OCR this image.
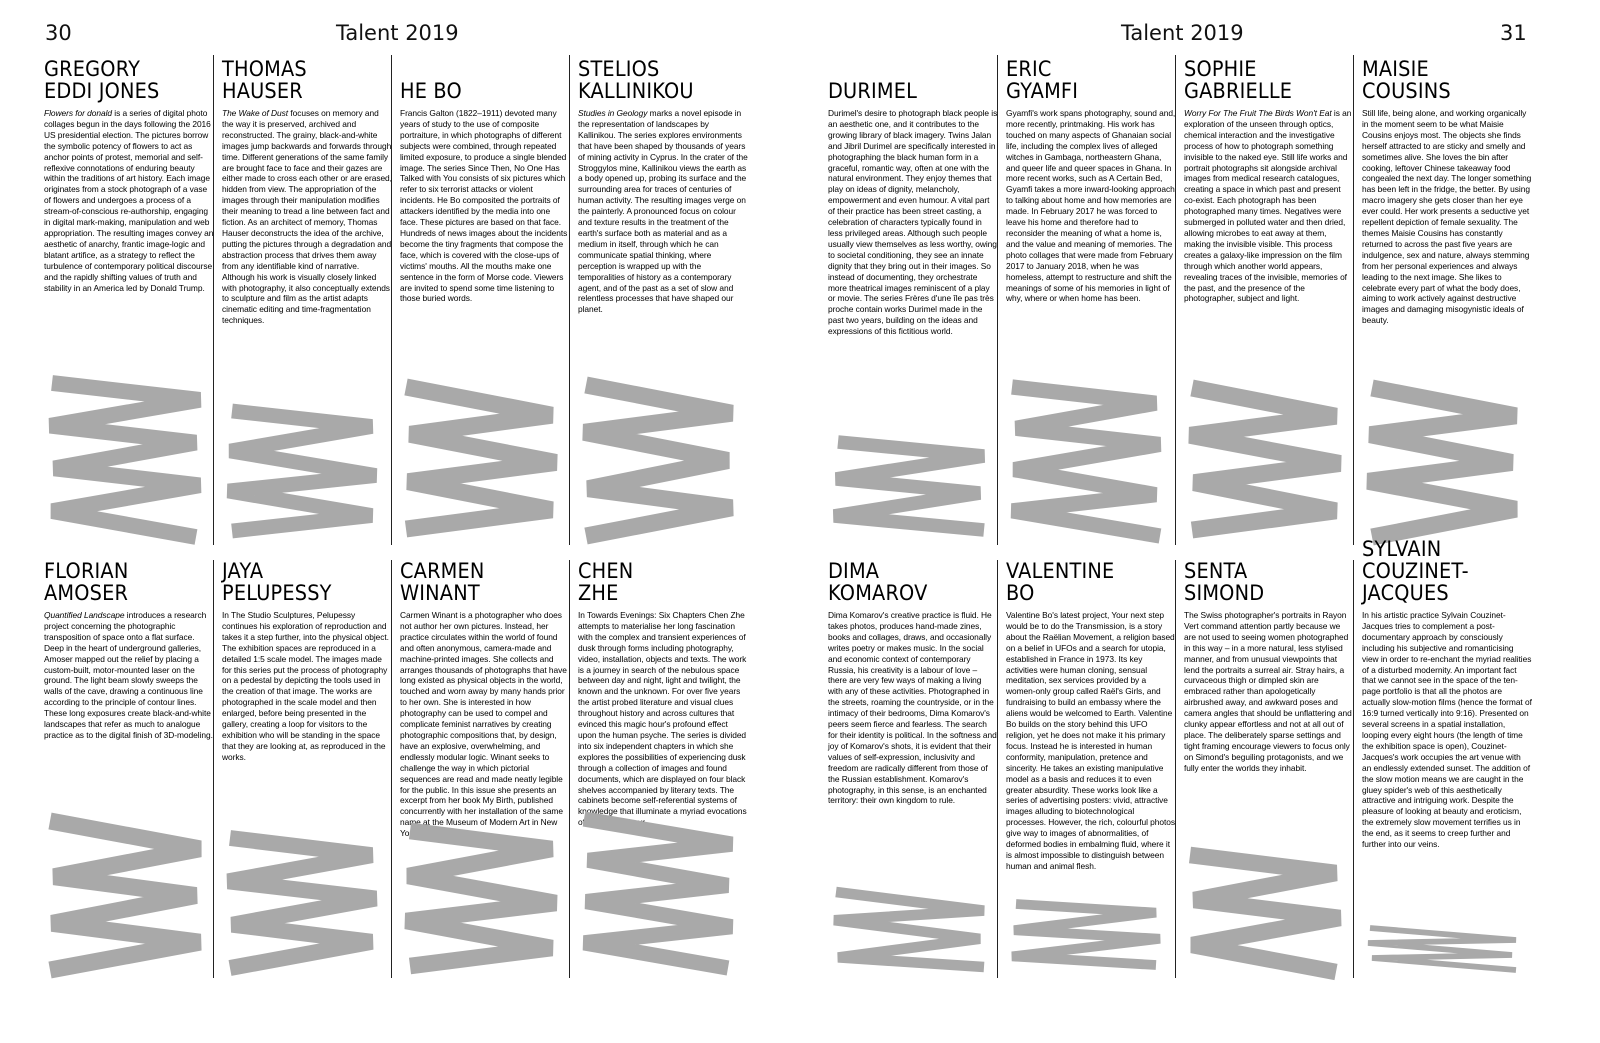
30	Talent 2019	Talent 2019	31
GREGORY
EDDI JONES
Flowers for donald is a series of digital photo collages begun in the days following the 2016 US presidential election. The pictures borrow the symbolic potency of flowers to act as anchor points of protest, memorial and self-reflexive connotations of enduring beauty within the traditions of art history. Each image originates from a stock photograph of a vase of flowers and undergoes a process of a stream-of-conscious re-authorship, engaging in digital mark-making, manipulation and web appropriation. The resulting images convey an aesthetic of anarchy, frantic image-logic and blatant artifice, as a strategy to reflect the turbulence of contemporary political discourse and the rapidly shifting values of truth and stability in an America led by Donald Trump.
THOMAS
HAUSER
The Wake of Dust focuses on memory and the way it is preserved, archived and reconstructed. The grainy, black-and-white images jump backwards and forwards through time. Different generations of the same family are brought face to face and their gazes are either made to cross each other or are erased, hidden from view. The appropriation of the images through their manipulation modifies their meaning to tread a line between fact and fiction. As an architect of memory, Thomas Hauser deconstructs the idea of the archive, putting the pictures through a degradation and abstraction process that drives them away from any identifiable kind of narrative. Although his work is visually closely linked with photography, it also conceptually extends to sculpture and film as the artist adapts cinematic editing and time-fragmentation techniques.
HE BO
Francis Galton (1822–1911) devoted many years of study to the use of composite portraiture, in which photographs of different subjects were combined, through repeated limited exposure, to produce a single blended image. The series Since Then, No One Has Talked with You consists of six pictures which refer to six terrorist attacks or violent incidents. He Bo composited the portraits of attackers identified by the media into one face. These pictures are based on that face. Hundreds of news images about the incidents become the tiny fragments that compose the face, which is covered with the close-ups of victims' mouths. All the mouths make one sentence in the form of Morse code. Viewers are invited to spend some time listening to those buried words.
STELIOS
KALLINIKOU
Studies in Geology marks a novel episode in the representation of landscapes by Kallinikou. The series explores environments that have been shaped by thousands of years of mining activity in Cyprus. In the crater of the Stroggylos mine, Kallinikou views the earth as a body opened up, probing its surface and the surrounding area for traces of centuries of human activity. The resulting images verge on the painterly. A pronounced focus on colour and texture results in the treatment of the earth's surface both as material and as a medium in itself, through which he can communicate spatial thinking, where perception is wrapped up with the temporalities of history as a contemporary agent, and of the past as a set of slow and relentless processes that have shaped our planet.
DURIMEL
Durimel's desire to photograph black people is an aesthetic one, and it contributes to the growing library of black imagery. Twins Jalan and Jibril Durimel are specifically interested in photographing the black human form in a graceful, romantic way, often at one with the natural environment. They enjoy themes that play on ideas of dignity, melancholy, empowerment and even humour. A vital part of their practice has been street casting, a celebration of characters typically found in less privileged areas. Although such people usually view themselves as less worthy, owing to societal conditioning, they see an innate dignity that they bring out in their images. So instead of documenting, they orchestrate more theatrical images reminiscent of a play or movie. The series Frères d'une île pas très proche contain works Durimel made in the past two years, building on the ideas and expressions of this fictitious world.
ERIC
GYAMFI
Gyamfi's work spans photography, sound and, more recently, printmaking. His work has touched on many aspects of Ghanaian social life, including the complex lives of alleged witches in Gambaga, northeastern Ghana, and queer life and queer spaces in Ghana. In more recent works, such as A Certain Bed, Gyamfi takes a more inward-looking approach to talking about home and how memories are made. In February 2017 he was forced to leave his home and therefore had to reconsider the meaning of what a home is, and the value and meaning of memories. The photo collages that were made from February 2017 to January 2018, when he was homeless, attempt to restructure and shift the meanings of some of his memories in light of why, where or when home has been.
SOPHIE
GABRIELLE
Worry For The Fruit The Birds Won't Eat is an exploration of the unseen through optics, chemical interaction and the investigative process of how to photograph something invisible to the naked eye. Still life works and portrait photographs sit alongside archival images from medical research catalogues, creating a space in which past and present co-exist. Each photograph has been photographed many times. Negatives were submerged in polluted water and then dried, allowing microbes to eat away at them, making the invisible visible. This process creates a galaxy-like impression on the film through which another world appears, revealing traces of the invisible, memories of the past, and the presence of the photographer, subject and light.
MAISIE
COUSINS
Still life, being alone, and working organically in the moment seem to be what Maisie Cousins enjoys most. The objects she finds herself attracted to are sticky and smelly and sometimes alive. She loves the bin after cooking, leftover Chinese takeaway food congealed the next day. The longer something has been left in the fridge, the better. By using macro imagery she gets closer than her eye ever could. Her work presents a seductive yet repellent depiction of female sexuality. The themes Maisie Cousins has constantly returned to across the past five years are indulgence, sex and nature, always stemming from her personal experiences and always leading to the next image. She likes to celebrate every part of what the body does, aiming to work actively against destructive images and damaging misogynistic ideals of beauty.
FLORIAN
AMOSER
Quantified Landscape introduces a research project concerning the photographic transposition of space onto a flat surface. Deep in the heart of underground galleries, Amoser mapped out the relief by placing a custom-built, motor-mounted laser on the ground. The light beam slowly sweeps the walls of the cave, drawing a continuous line according to the principle of contour lines. These long exposures create black-and-white landscapes that refer as much to analogue practice as to the digital finish of 3D-modeling.
JAYA
PELUPESSY
In The Studio Sculptures, Pelupessy continues his exploration of reproduction and takes it a step further, into the physical object. The exhibition spaces are reproduced in a detailed 1:5 scale model. The images made for this series put the process of photography on a pedestal by depicting the tools used in the creation of that image. The works are photographed in the scale model and then enlarged, before being presented in the gallery, creating a loop for visitors to the exhibition who will be standing in the space that they are looking at, as reproduced in the works.
CARMEN
WINANT
Carmen Winant is a photographer who does not author her own pictures. Instead, her practice circulates within the world of found and often anonymous, camera-made and machine-printed images. She collects and arranges thousands of photographs that have long existed as physical objects in the world, touched and worn away by many hands prior to her own. She is interested in how photography can be used to compel and complicate feminist narratives by creating photographic compositions that, by design, have an explosive, overwhelming, and endlessly modular logic. Winant seeks to challenge the way in which pictorial sequences are read and made neatly legible for the public. In this issue she presents an excerpt from her book My Birth, published concurrently with her installation of the same name at the Museum of Modern Art in New York City.
CHEN
ZHE
In Towards Evenings: Six Chapters Chen Zhe attempts to materialise her long fascination with the complex and transient experiences of dusk through forms including photography, video, installation, objects and texts. The work is a journey in search of the nebulous space between day and night, light and twilight, the known and the unknown. For over five years the artist probed literature and visual clues throughout history and across cultures that evinced this magic hour's profound effect upon the human psyche. The series is divided into six independent chapters in which she explores the possibilities of experiencing dusk through a collection of images and found documents, which are displayed on four black shelves accompanied by literary texts. The cabinets become self-referential systems of knowledge that illuminate a myriad evocations of the twilight hour.
DIMA
KOMAROV
Dima Komarov's creative practice is fluid. He takes photos, produces hand-made zines, books and collages, draws, and occasionally writes poetry or makes music. In the social and economic context of contemporary Russia, his creativity is a labour of love – there are very few ways of making a living with any of these activities. Photographed in the streets, roaming the countryside, or in the intimacy of their bedrooms, Dima Komarov's peers seem fierce and fearless. The search for their identity is political. In the softness and joy of Komarov's shots, it is evident that their values of self-expression, inclusivity and freedom are radically different from those of the Russian establishment. Komarov's photography, in this sense, is an enchanted territory: their own kingdom to rule.
VALENTINE
BO
Valentine Bo's latest project, Your next step would be to do the Transmission, is a story about the Raëlian Movement, a religion based on a belief in UFOs and a search for utopia, established in France in 1973. Its key activities were human cloning, sensual meditation, sex services provided by a women-only group called Raël's Girls, and fundraising to build an embassy where the aliens would be welcomed to Earth. Valentine Bo builds on the story behind this UFO religion, yet he does not make it his primary focus. Instead he is interested in human conformity, manipulation, pretence and sincerity. He takes an existing manipulative model as a basis and reduces it to even greater absurdity. These works look like a series of advertising posters: vivid, attractive images alluding to biotechnological processes. However, the rich, colourful photos give way to images of abnormalities, of deformed bodies in embalming fluid, where it is almost impossible to distinguish between human and animal flesh.
SENTA
SIMOND
The Swiss photographer's portraits in Rayon Vert command attention partly because we are not used to seeing women photographed in this way – in a more natural, less stylised manner, and from unusual viewpoints that lend the portraits a surreal air. Stray hairs, a curvaceous thigh or dimpled skin are embraced rather than apologetically airbrushed away, and awkward poses and camera angles that should be unflattering and clunky appear effortless and not at all out of place. The deliberately sparse settings and tight framing encourage viewers to focus only on Simond's beguiling protagonists, and we fully enter the worlds they inhabit.
SYLVAIN
COUZINET-
JACQUES
In his artistic practice Sylvain Couzinet-Jacques tries to complement a post-documentary approach by consciously including his subjective and romanticising view in order to re-enchant the myriad realities of a disturbed modernity. An important fact that we cannot see in the space of the ten-page portfolio is that all the photos are actually slow-motion films (hence the format of 16:9 turned vertically into 9:16). Presented on several screens in a spatial installation, looping every eight hours (the length of time the exhibition space is open), Couzinet-Jacques's work occupies the art venue with an endlessly extended sunset. The addition of the slow motion means we are caught in the gluey spider's web of this aesthetically attractive and intriguing work. Despite the pleasure of looking at beauty and eroticism, the extremely slow movement terrifies us in the end, as it seems to creep further and further into our veins.
